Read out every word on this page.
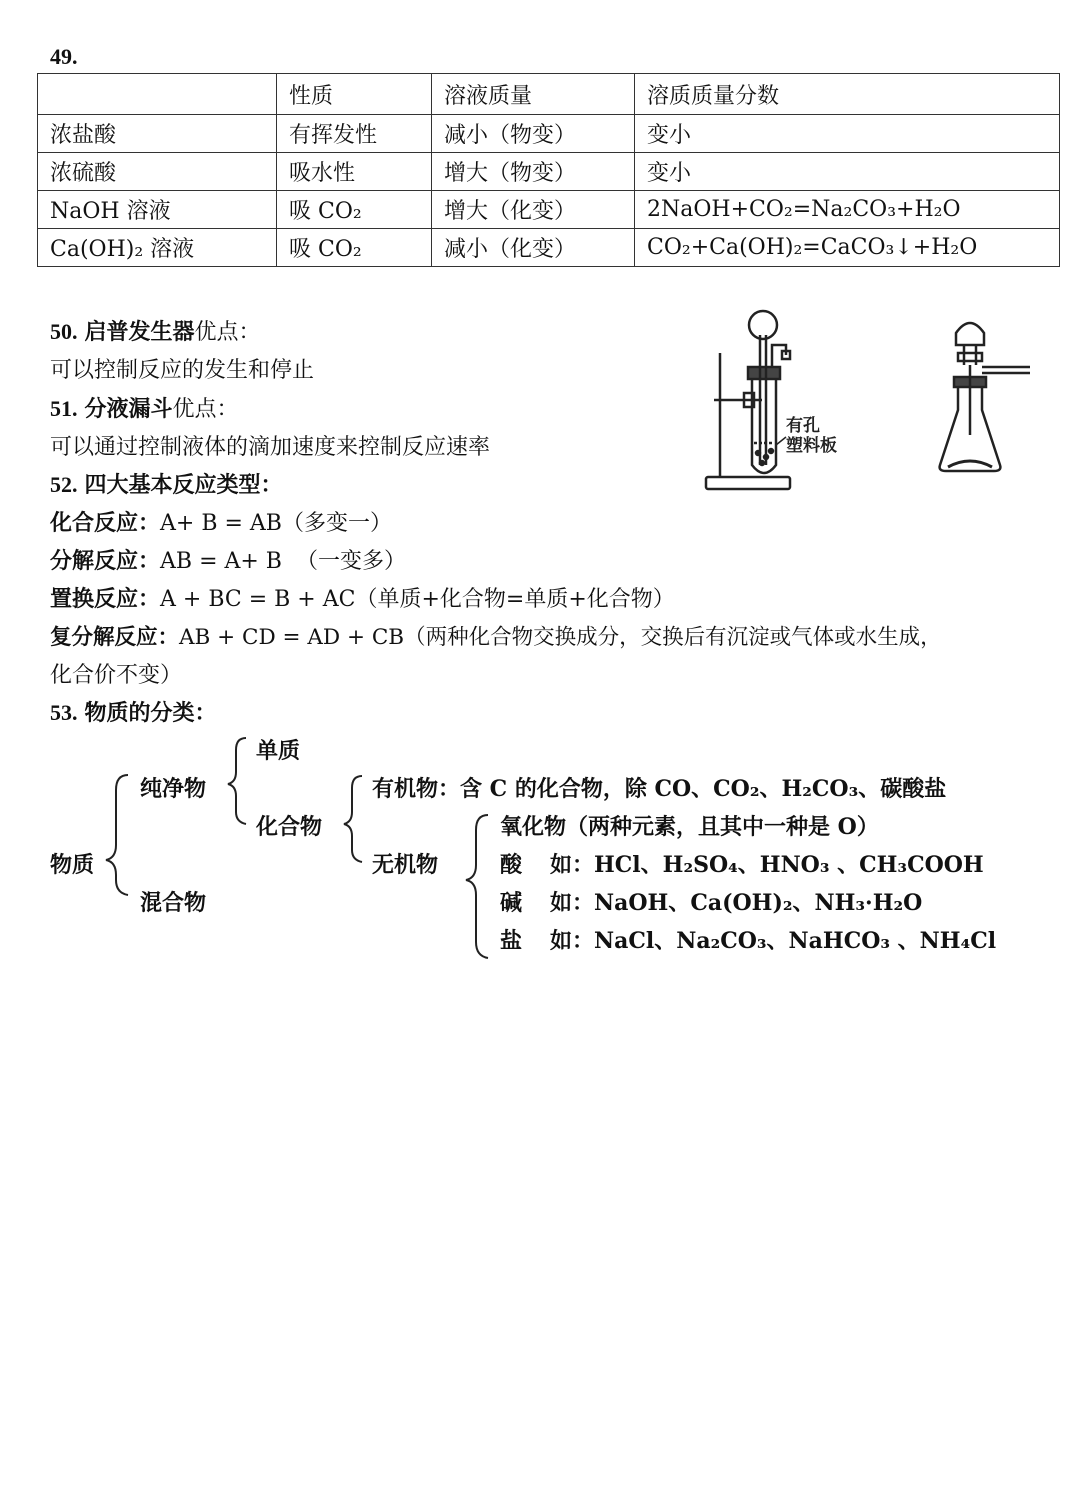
49.
	性质	溶液质量	溶质质量分数
浓盐酸	有挥发性	减小（物变）	变小
浓硫酸	吸水性	增大（物变）	变小
NaOH 溶液	吸 CO₂	增大（化变）	2NaOH+CO₂=Na₂CO₃+H₂O
Ca(OH)₂ 溶液	吸 CO₂	减小（化变）	CO₂+Ca(OH)₂=CaCO₃↓+H₂O
50. 启普发生器优点：
可以控制反应的发生和停止
51. 分液漏斗优点：
可以通过控制液体的滴加速度来控制反应速率
有孔
塑料板
52. 四大基本反应类型：
化合反应：A+ B = AB（多变一）
分解反应：AB = A+ B  （一变多）
置换反应：A + BC = B + AC（单质+化合物=单质+化合物）
复分解反应：AB + CD = AD + CB（两种化合物交换成分，交换后有沉淀或气体或水生成，
化合价不变）
53. 物质的分类：
物质
纯净物
混合物
单质
化合物
有机物：含 C 的化合物，除 CO、CO₂、H₂CO₃、碳酸盐
无机物
氧化物（两种元素，且其中一种是 O）
酸 如：HCl、H₂SO₄、HNO₃ 、CH₃COOH
碱 如：NaOH、Ca(OH)₂、NH₃·H₂O
盐 如：NaCl、Na₂CO₃、NaHCO₃ 、NH₄Cl
